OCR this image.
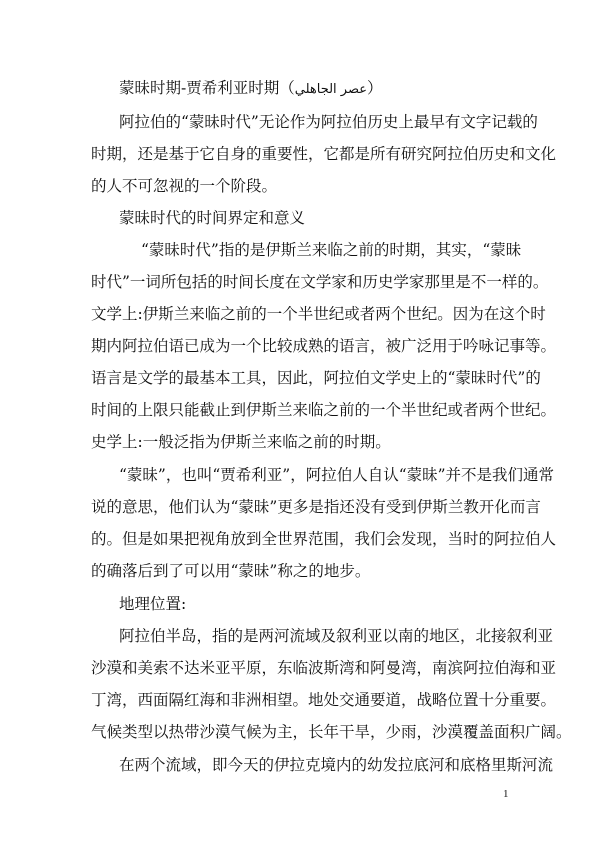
蒙昧时期-贾希利亚时期（عصر الجاهلي）

阿拉伯的“蒙昧时代”无论作为阿拉伯历史上最早有文字记载的

时期，还是基于它自身的重要性，它都是所有研究阿拉伯历史和文化

的人不可忽视的一个阶段。

蒙昧时代的时间界定和意义

“蒙昧时代”指的是伊斯兰来临之前的时期，其实，“蒙昧

时代”一词所包括的时间长度在文学家和历史学家那里是不一样的。

文学上:伊斯兰来临之前的一个半世纪或者两个世纪。因为在这个时

期内阿拉伯语已成为一个比较成熟的语言，被广泛用于吟咏记事等。

语言是文学的最基本工具，因此，阿拉伯文学史上的“蒙昧时代”的

时间的上限只能截止到伊斯兰来临之前的一个半世纪或者两个世纪。

史学上:一般泛指为伊斯兰来临之前的时期。

“蒙昧”，也叫“贾希利亚”，阿拉伯人自认“蒙昧”并不是我们通常

说的意思，他们认为“蒙昧”更多是指还没有受到伊斯兰教开化而言

的。但是如果把视角放到全世界范围，我们会发现，当时的阿拉伯人

的确落后到了可以用“蒙昧”称之的地步。

地理位置:

阿拉伯半岛，指的是两河流域及叙利亚以南的地区，北接叙利亚

沙漠和美索不达米亚平原，东临波斯湾和阿曼湾，南滨阿拉伯海和亚

丁湾，西面隔红海和非洲相望。地处交通要道，战略位置十分重要。

气候类型以热带沙漠气候为主，长年干旱，少雨，沙漠覆盖面积广阔。

在两个流域，即今天的伊拉克境内的幼发拉底河和底格里斯河流

1
